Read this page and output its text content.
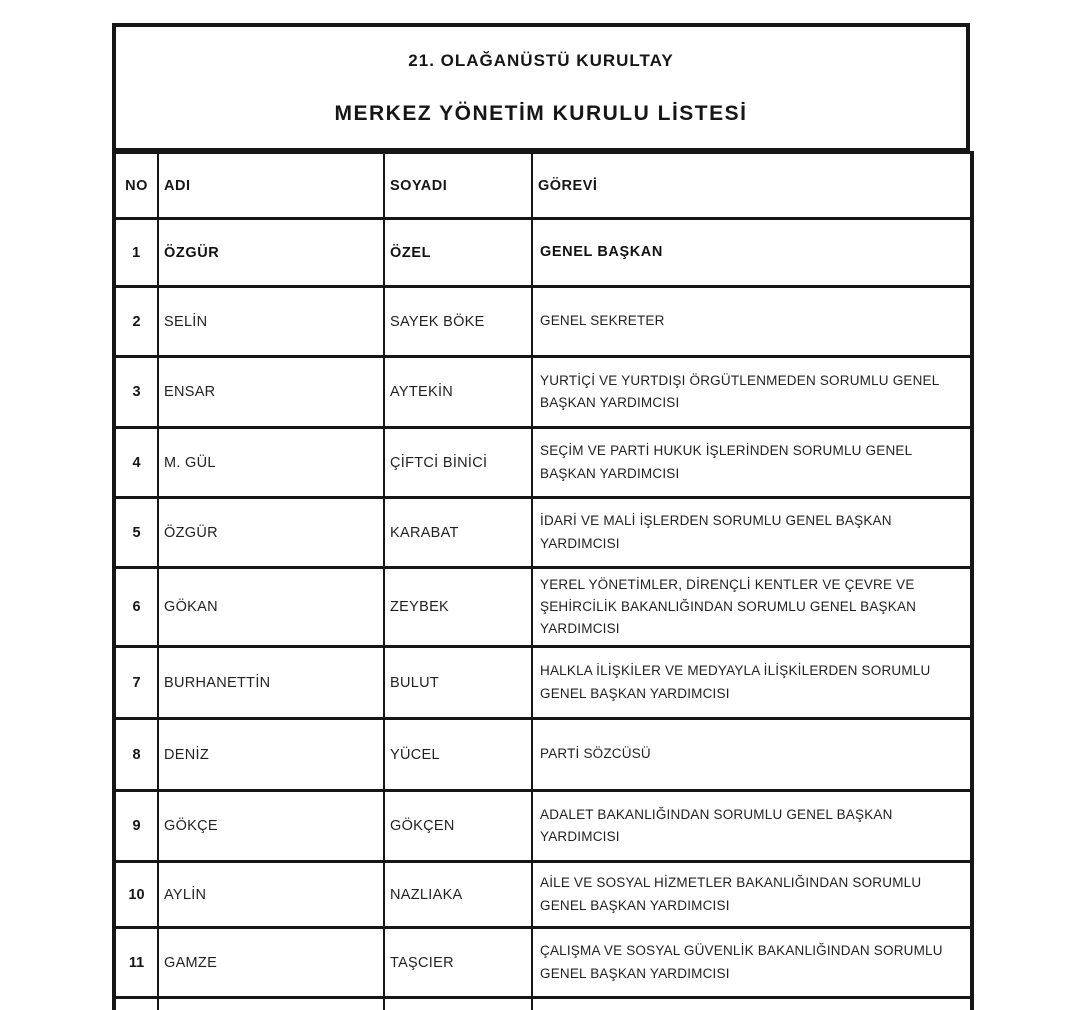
21. OLAĞANÜSTÜ KURULTAY
MERKEZ YÖNETİM KURULU LİSTESİ
NO	ADI	SOYADI	GÖREVİ
1	ÖZGÜR	ÖZEL	GENEL BAŞKAN
2	SELİN	SAYEK BÖKE	GENEL SEKRETER
3	ENSAR	AYTEKİN	YURTİÇİ VE YURTDIŞI ÖRGÜTLENMEDEN SORUMLU GENEL BAŞKAN YARDIMCISI
4	M. GÜL	ÇİFTCİ BİNİCİ	SEÇİM VE PARTİ HUKUK İŞLERİNDEN SORUMLU GENEL BAŞKAN YARDIMCISI
5	ÖZGÜR	KARABAT	İDARİ VE MALİ İŞLERDEN SORUMLU GENEL BAŞKAN YARDIMCISI
6	GÖKAN	ZEYBEK	YEREL YÖNETİMLER, DİRENÇLİ KENTLER VE ÇEVRE VE ŞEHİRCİLİK BAKANLIĞINDAN SORUMLU GENEL BAŞKAN YARDIMCISI
7	BURHANETTİN	BULUT	HALKLA İLİŞKİLER VE MEDYAYLA İLİŞKİLERDEN SORUMLU GENEL BAŞKAN YARDIMCISI
8	DENİZ	YÜCEL	PARTİ SÖZCÜSÜ
9	GÖKÇE	GÖKÇEN	ADALET BAKANLIĞINDAN SORUMLU GENEL BAŞKAN YARDIMCISI
10	AYLİN	NAZLIAKA	AİLE VE SOSYAL HİZMETLER BAKANLIĞINDAN SORUMLU GENEL BAŞKAN YARDIMCISI
11	GAMZE	TAŞCIER	ÇALIŞMA VE SOSYAL GÜVENLİK BAKANLIĞINDAN SORUMLU GENEL BAŞKAN YARDIMCISI
